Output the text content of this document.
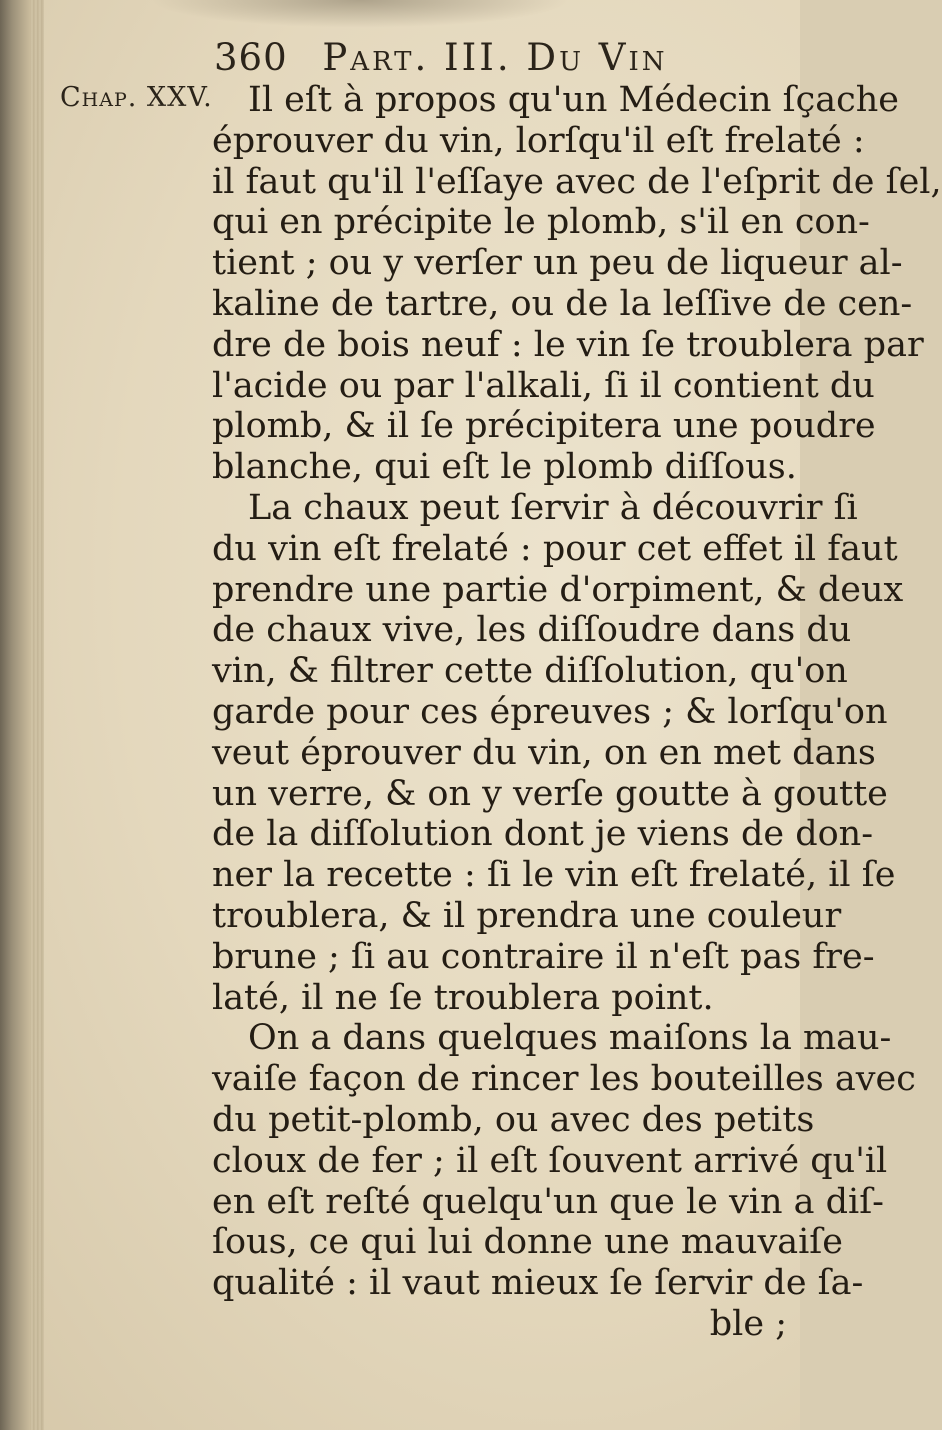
360 Part. III. Du Vin
Chap. XXV.	Il eſt à propos qu'un Médecin ſçache
éprouver du vin, lorſqu'il eſt frelaté :
il faut qu'il l'eſſaye avec de l'eſprit de ſel,
qui en précipite le plomb, s'il en con-
tient ; ou y verſer un peu de liqueur al-
kaline de tartre, ou de la leſſive de cen-
dre de bois neuf : le vin ſe troublera par
l'acide ou par l'alkali, ſi il contient du
plomb, & il ſe précipitera une poudre
blanche, qui eſt le plomb diſſous.
La chaux peut ſervir à découvrir ſi
du vin eſt frelaté : pour cet effet il faut
prendre une partie d'orpiment, & deux
de chaux vive, les diſſoudre dans du
vin, & filtrer cette diſſolution, qu'on
garde pour ces épreuves ; & lorſqu'on
veut éprouver du vin, on en met dans
un verre, & on y verſe goutte à goutte
de la diſſolution dont je viens de don-
ner la recette : ſi le vin eſt frelaté, il ſe
troublera, & il prendra une couleur
brune ; ſi au contraire il n'eſt pas fre-
laté, il ne ſe troublera point.
On a dans quelques maiſons la mau-
vaiſe façon de rincer les bouteilles avec
du petit-plomb, ou avec des petits
cloux de fer ; il eſt ſouvent arrivé qu'il
en eſt reſté quelqu'un que le vin a diſ-
ſous, ce qui lui donne une mauvaiſe
qualité : il vaut mieux ſe ſervir de ſa-
ble ;
